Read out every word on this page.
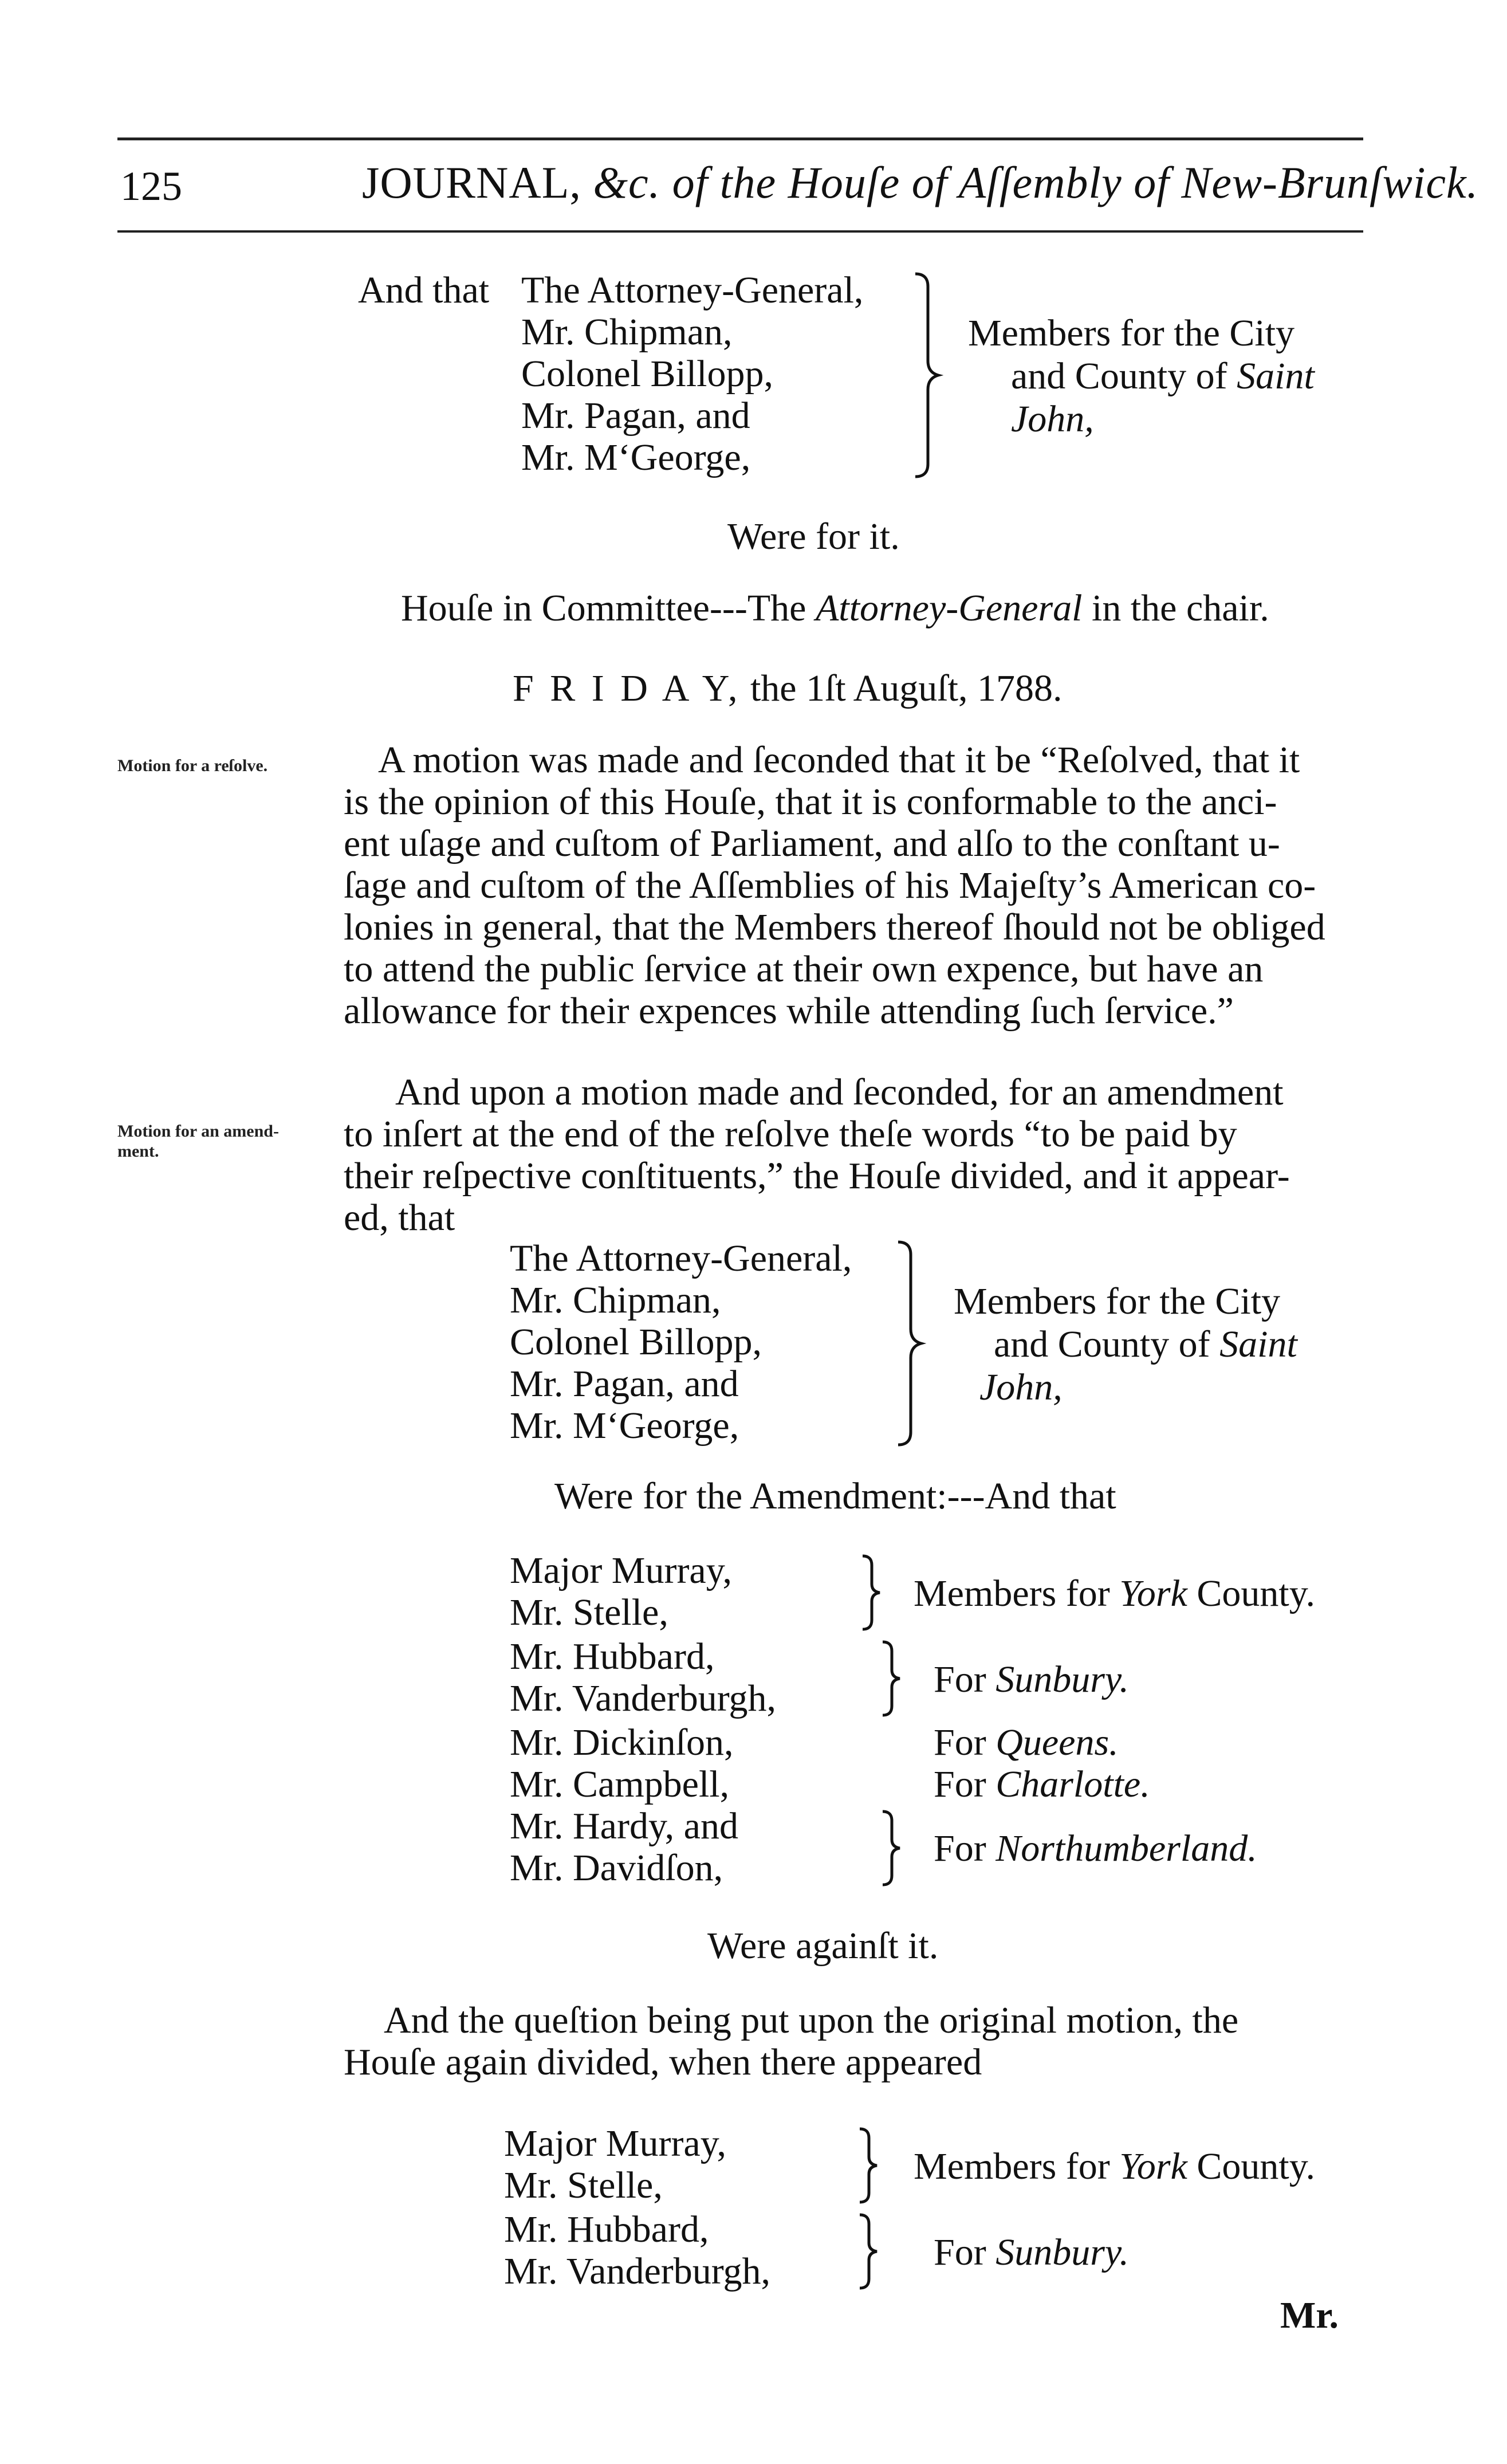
125	JOURNAL, &c. of the Houſe of Aſſembly of New-Brunſwick.
And that The Attorney-General,
Mr. Chipman,
Colonel Billopp,
Mr. Pagan, and
Mr. M‘George,
Members for the City
and County of Saint
John,
Were for it.
Houſe in Committee---The Attorney-General in the chair.
F R I D A Y, the 1ſt Auguſt, 1788.
Motion for a reſolve.
Motion for an amend-
ment.
A motion was made and ſeconded that it be “Reſolved, that it
is the opinion of this Houſe, that it is conformable to the anci-
ent uſage and cuſtom of Parliament, and alſo to the conſtant u-
ſage and cuſtom of the Aſſemblies of his Majeſty’s American co-
lonies in general, that the Members thereof ſhould not be obliged
to attend the public ſervice at their own expence, but have an
allowance for their expences while attending ſuch ſervice.”
And upon a motion made and ſeconded, for an amendment
to inſert at the end of the reſolve theſe words “to be paid by
their reſpective conſtituents,” the Houſe divided, and it appear-
ed, that
The Attorney-General,
Mr. Chipman,
Colonel Billopp,
Mr. Pagan, and
Mr. M‘George,
Members for the City
and County of Saint
John,
Were for the Amendment:---And that
Major Murray,
Mr. Stelle,	Members for York County.
Mr. Hubbard,
Mr. Vanderburgh,	For Sunbury.
Mr. Dickinſon,	For Queens.
Mr. Campbell,	For Charlotte.
Mr. Hardy, and
Mr. Davidſon,	For Northumberland.
Were againſt it.
And the queſtion being put upon the original motion, the
Houſe again divided, when there appeared
Major Murray,
Mr. Stelle,	Members for York County.
Mr. Hubbard,
Mr. Vanderburgh,	For Sunbury.
Mr.
